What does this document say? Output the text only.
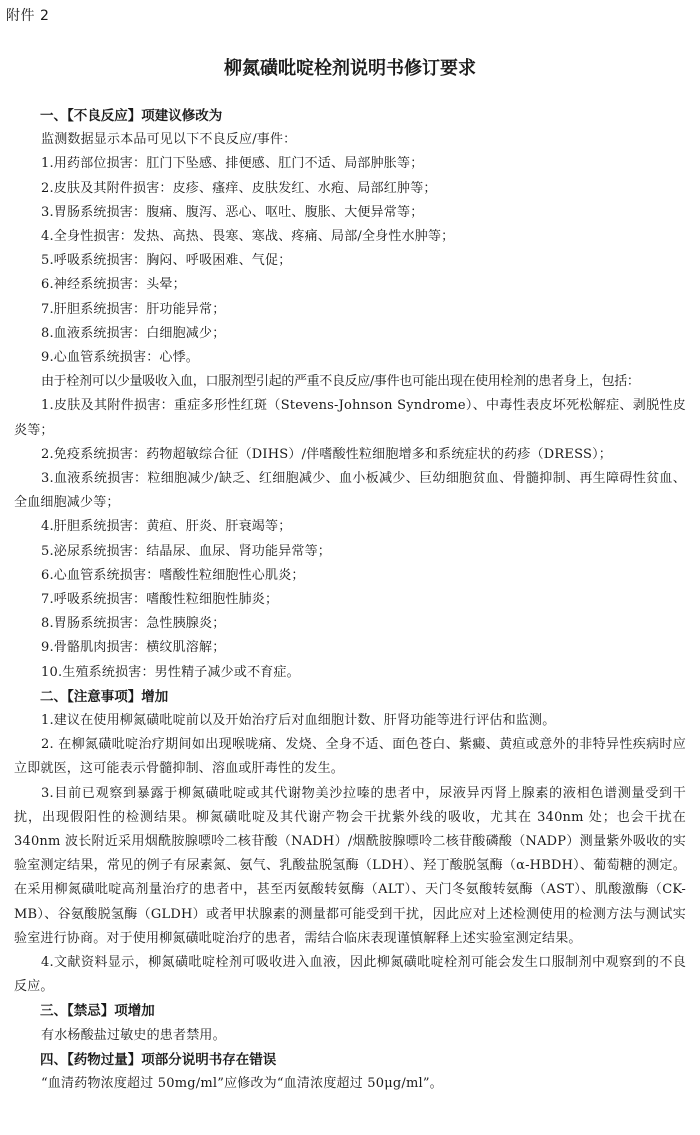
附件 2
柳氮磺吡啶栓剂说明书修订要求
一、【不良反应】项建议修改为
监测数据显示本品可见以下不良反应/事件：
1.用药部位损害：肛门下坠感、排便感、肛门不适、局部肿胀等；
2.皮肤及其附件损害：皮疹、瘙痒、皮肤发红、水疱、局部红肿等；
3.胃肠系统损害：腹痛、腹泻、恶心、呕吐、腹胀、大便异常等；
4.全身性损害：发热、高热、畏寒、寒战、疼痛、局部/全身性水肿等；
5.呼吸系统损害：胸闷、呼吸困难、气促；
6.神经系统损害：头晕；
7.肝胆系统损害：肝功能异常；
8.血液系统损害：白细胞减少；
9.心血管系统损害：心悸。
由于栓剂可以少量吸收入血，口服剂型引起的严重不良反应/事件也可能出现在使用栓剂的患者身上，包括：
1.皮肤及其附件损害：重症多形性红斑（Stevens-Johnson Syndrome）、中毒性表皮坏死松解症、剥脱性皮炎等；
2.免疫系统损害：药物超敏综合征（DIHS）/伴嗜酸性粒细胞增多和系统症状的药疹（DRESS）；
3.血液系统损害：粒细胞减少/缺乏、红细胞减少、血小板减少、巨幼细胞贫血、骨髓抑制、再生障碍性贫血、全血细胞减少等；
4.肝胆系统损害：黄疸、肝炎、肝衰竭等；
5.泌尿系统损害：结晶尿、血尿、肾功能异常等；
6.心血管系统损害：嗜酸性粒细胞性心肌炎；
7.呼吸系统损害：嗜酸性粒细胞性肺炎；
8.胃肠系统损害：急性胰腺炎；
9.骨骼肌肉损害：横纹肌溶解；
10.生殖系统损害：男性精子减少或不育症。
二、【注意事项】增加
1.建议在使用柳氮磺吡啶前以及开始治疗后对血细胞计数、肝肾功能等进行评估和监测。
2. 在柳氮磺吡啶治疗期间如出现喉咙痛、发烧、全身不适、面色苍白、紫癜、黄疸或意外的非特异性疾病时应立即就医，这可能表示骨髓抑制、溶血或肝毒性的发生。
3.目前已观察到暴露于柳氮磺吡啶或其代谢物美沙拉嗪的患者中，尿液异丙肾上腺素的液相色谱测量受到干扰，出现假阳性的检测结果。柳氮磺吡啶及其代谢产物会干扰紫外线的吸收，尤其在 340nm 处；也会干扰在 340nm 波长附近采用烟酰胺腺嘌呤二核苷酸（NADH）/烟酰胺腺嘌呤二核苷酸磷酸（NADP）测量紫外吸收的实验室测定结果，常见的例子有尿素氮、氨气、乳酸盐脱氢酶（LDH）、羟丁酸脱氢酶（α-HBDH）、葡萄糖的测定。在采用柳氮磺吡啶高剂量治疗的患者中，甚至丙氨酸转氨酶（ALT）、天门冬氨酸转氨酶（AST）、肌酸激酶（CK-MB）、谷氨酸脱氢酶（GLDH）或者甲状腺素的测量都可能受到干扰，因此应对上述检测使用的检测方法与测试实验室进行协商。对于使用柳氮磺吡啶治疗的患者，需结合临床表现谨慎解释上述实验室测定结果。
4.文献资料显示，柳氮磺吡啶栓剂可吸收进入血液，因此柳氮磺吡啶栓剂可能会发生口服制剂中观察到的不良反应。
三、【禁忌】项增加
有水杨酸盐过敏史的患者禁用。
四、【药物过量】项部分说明书存在错误
“血清药物浓度超过 50mg/ml”应修改为“血清浓度超过 50μg/ml”。
